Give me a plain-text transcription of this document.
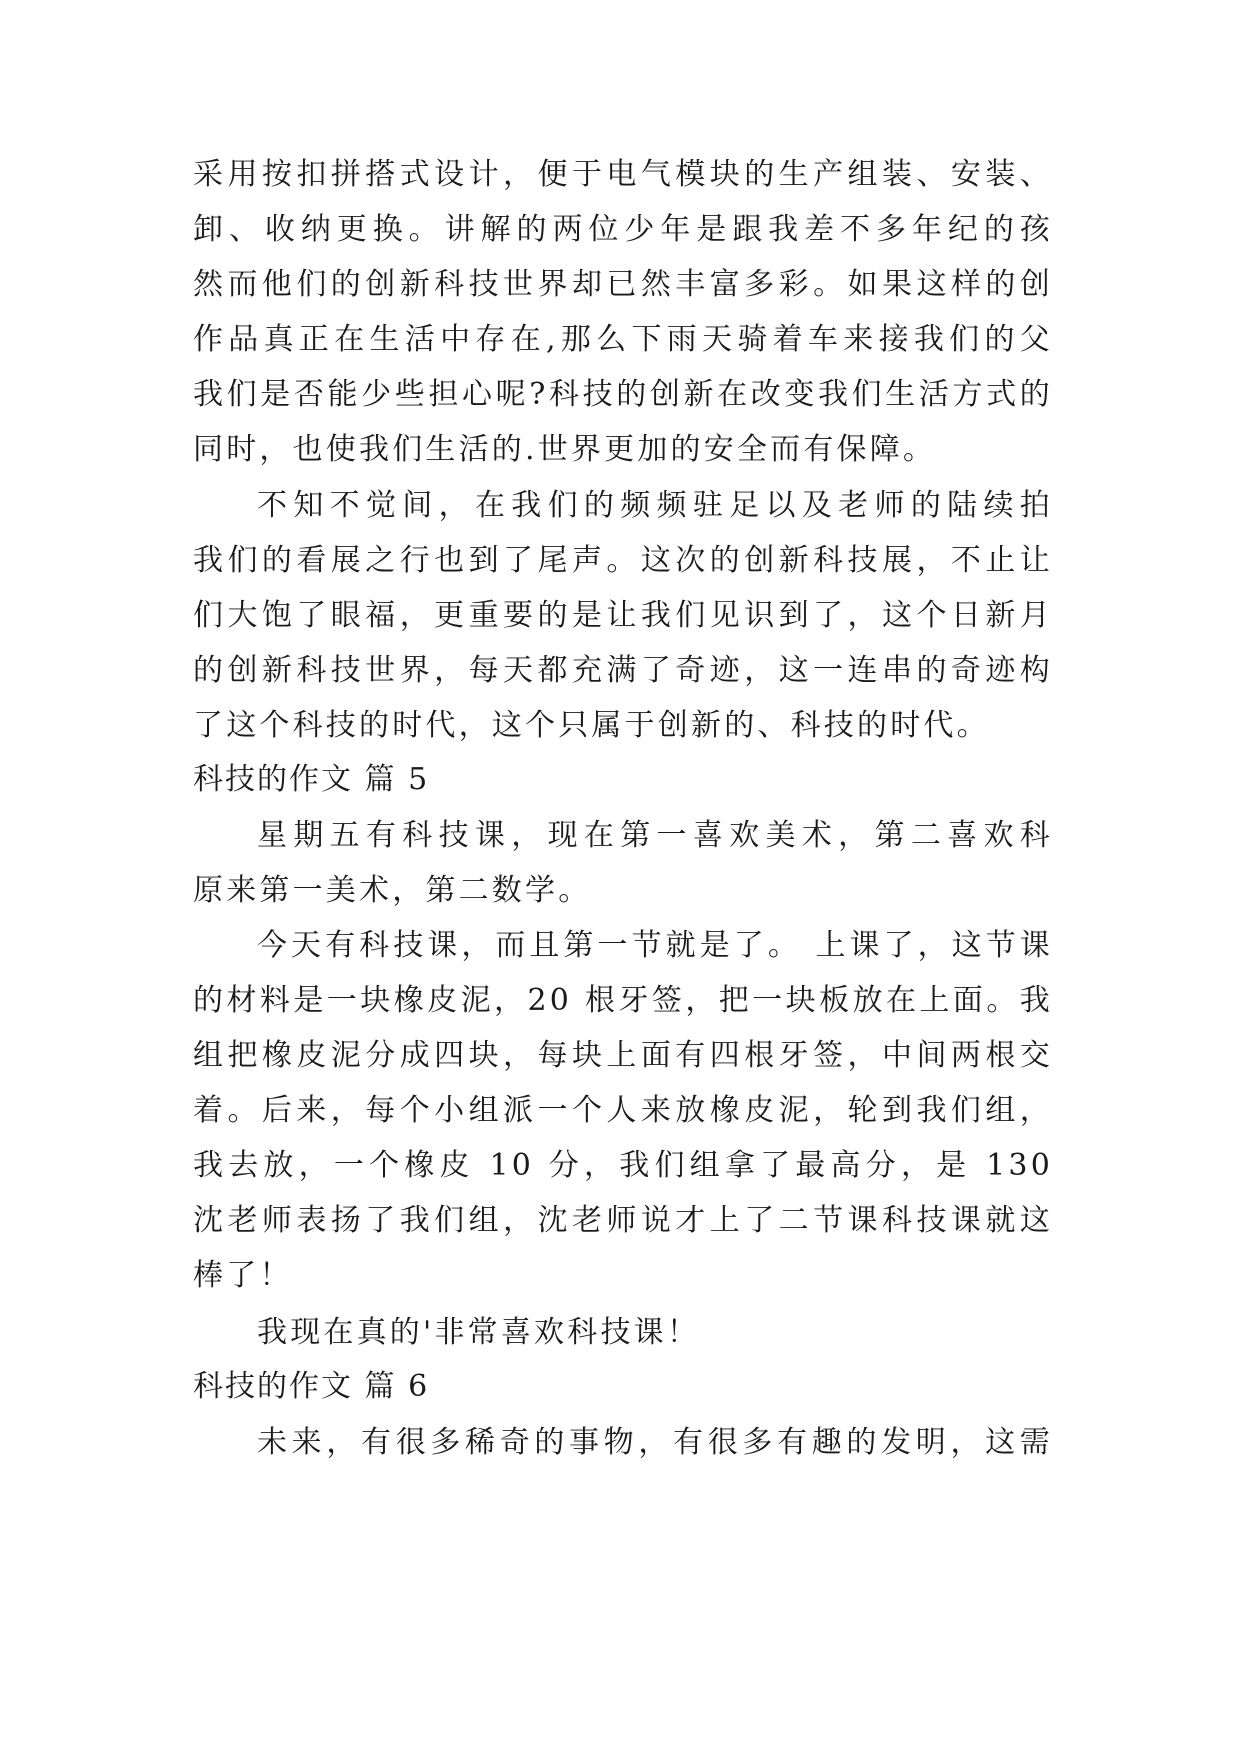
采用按扣拼搭式设计，便于电气模块的生产组装、安装、
卸、收纳更换。讲解的两位少年是跟我差不多年纪的孩
然而他们的创新科技世界却已然丰富多彩。如果这样的创
作品真正在生活中存在,那么下雨天骑着车来接我们的父
我们是否能少些担心呢?科技的创新在改变我们生活方式的
同时，也使我们生活的.世界更加的安全而有保障。
不知不觉间，在我们的频频驻足以及老师的陆续拍
我们的看展之行也到了尾声。这次的创新科技展，不止让
们大饱了眼福，更重要的是让我们见识到了，这个日新月
的创新科技世界，每天都充满了奇迹，这一连串的奇迹构
了这个科技的时代，这个只属于创新的、科技的时代。
科技的作文 篇 5
星期五有科技课，现在第一喜欢美术，第二喜欢科
原来第一美术，第二数学。
今天有科技课，而且第一节就是了。 上课了，这节课
的材料是一块橡皮泥，20 根牙签，把一块板放在上面。我
组把橡皮泥分成四块，每块上面有四根牙签，中间两根交
着。后来，每个小组派一个人来放橡皮泥，轮到我们组，
我去放，一个橡皮 10 分，我们组拿了最高分，是 130
沈老师表扬了我们组，沈老师说才上了二节课科技课就这
棒了！
我现在真的'非常喜欢科技课！
科技的作文 篇 6
未来，有很多稀奇的事物，有很多有趣的发明，这需
